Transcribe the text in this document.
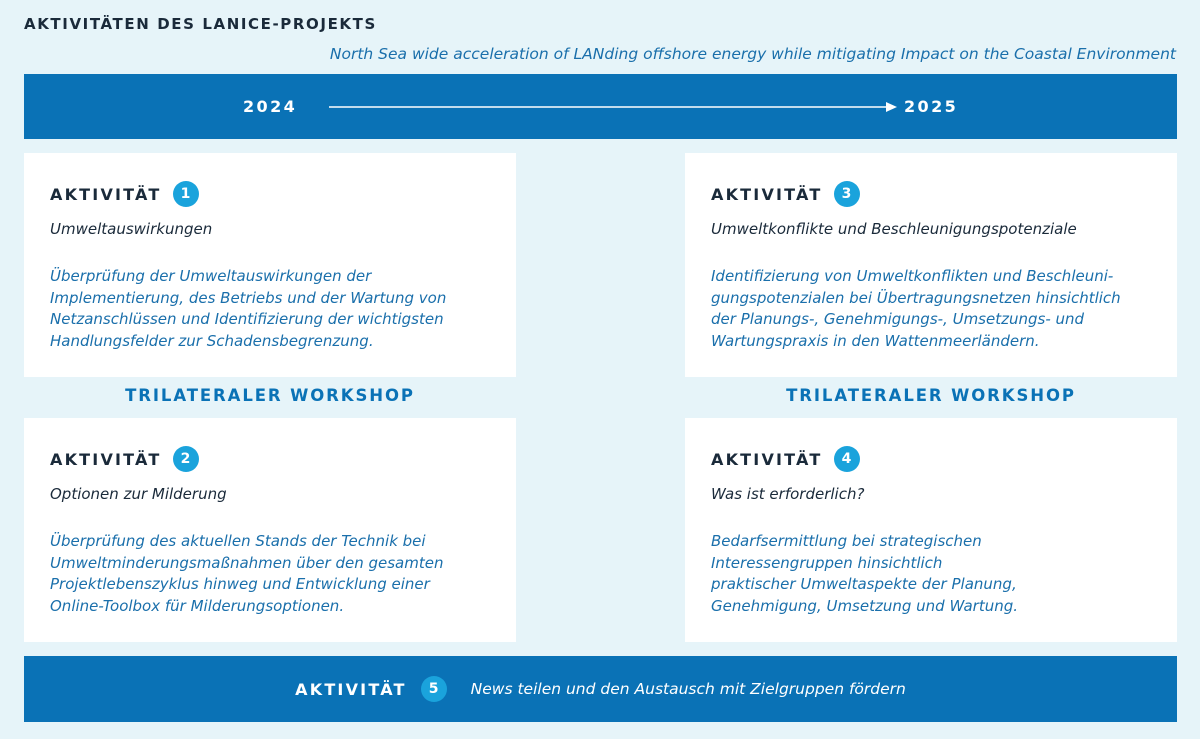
AKTIVITÄTEN DES LANICE-PROJEKTS
North Sea wide acceleration of LANding offshore energy while mitigating Impact on the Coastal Environment
2024	2025
AKTIVITÄT	1
Umweltauswirkungen
Überprüfung der Umweltauswirkungen der
Implementierung, des Betriebs und der Wartung von
Netzanschlüssen und Identifizierung der wichtigsten
Handlungsfelder zur Schadensbegrenzung.
AKTIVITÄT	3
Umweltkonflikte und Beschleunigungspotenziale
Identifizierung von Umweltkonflikten und Beschleuni-
gungspotenzialen bei Übertragungsnetzen hinsichtlich
der Planungs-, Genehmigungs-, Umsetzungs- und
Wartungspraxis in den Wattenmeerländern.
TRILATERALER WORKSHOP	TRILATERALER WORKSHOP
AKTIVITÄT	2
Optionen zur Milderung
Überprüfung des aktuellen Stands der Technik bei
Umweltminderungsmaßnahmen über den gesamten
Projektlebenszyklus hinweg und Entwicklung einer
Online-Toolbox für Milderungsoptionen.
AKTIVITÄT	4
Was ist erforderlich?
Bedarfsermittlung bei strategischen
Interessengruppen hinsichtlich
praktischer Umweltaspekte der Planung,
Genehmigung, Umsetzung und Wartung.
AKTIVITÄT	5	News teilen und den Austausch mit Zielgruppen fördern
